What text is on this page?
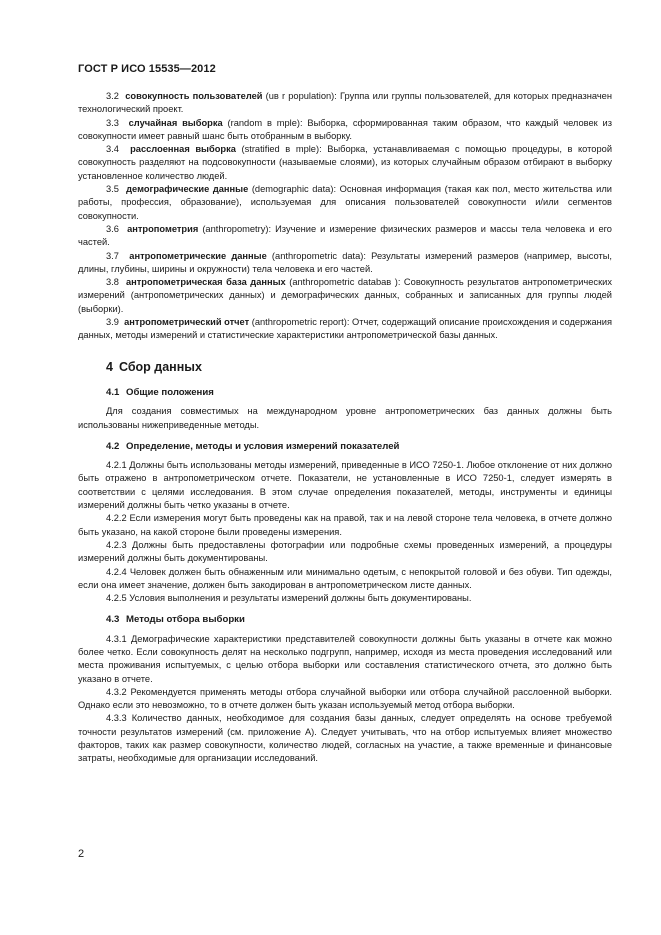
ГОСТ Р ИСО 15535—2012

3.2 совокупность пользователей (uв r population): Группа или группы пользователей, для которых предназначен технологический проект.

3.3 случайная выборка (random в mple): Выборка, сформированная таким образом, что каждый человек из совокупности имеет равный шанс быть отобранным в выборку.

3.4 расслоенная выборка (stratified в mple): Выборка, устанавливаемая с помощью процедуры, в которой совокупность разделяют на подсовокупности (называемые слоями), из которых случайным образом отбирают в выборку установленное количество людей.

3.5 демографические данные (demographic data): Основная информация (такая как пол, место жительства или работы, профессия, образование), используемая для описания пользователей совокупности и/или сегментов совокупности.

3.6 антропометрия (anthropometry): Изучение и измерение физических размеров и массы тела человека и его частей.

3.7 антропометрические данные (anthropometric data): Результаты измерений размеров (например, высоты, длины, глубины, ширины и окружности) тела человека и его частей.

3.8 антропометрическая база данных (anthropometric databaв ): Совокупность результатов антропометрических измерений (антропометрических данных) и демографических данных, собранных и записанных для группы людей (выборки).

3.9 антропометрический отчет (anthropometric report): Отчет, содержащий описание происхождения и содержания данных, методы измерений и статистические характеристики антропометрической базы данных.

4 Сбор данных
4.1 Общие положения

Для создания совместимых на международном уровне антропометрических баз данных должны быть использованы нижеприведенные методы.

4.2 Определение, методы и условия измерений показателей

4.2.1 Должны быть использованы методы измерений, приведенные в ИСО 7250-1. Любое отклонение от них должно быть отражено в антропометрическом отчете. Показатели, не установленные в ИСО 7250-1, следует измерять в соответствии с целями исследования. В этом случае определения показателей, методы, инструменты и единицы измерений должны быть четко указаны в отчете.

4.2.2 Если измерения могут быть проведены как на правой, так и на левой стороне тела человека, в отчете должно быть указано, на какой стороне были проведены измерения.

4.2.3 Должны быть предоставлены фотографии или подробные схемы проведенных измерений, а процедуры измерений должны быть документированы.

4.2.4 Человек должен быть обнаженным или минимально одетым, с непокрытой головой и без обуви. Тип одежды, если она имеет значение, должен быть закодирован в антропометрическом листе данных.

4.2.5 Условия выполнения и результаты измерений должны быть документированы.

4.3 Методы отбора выборки

4.3.1 Демографические характеристики представителей совокупности должны быть указаны в отчете как можно более четко. Если совокупность делят на несколько подгрупп, например, исходя из места проведения исследований или места проживания испытуемых, с целью отбора выборки или составления статистического отчета, это должно быть указано в отчете.

4.3.2 Рекомендуется применять методы отбора случайной выборки или отбора случайной расслоенной выборки. Однако если это невозможно, то в отчете должен быть указан используемый метод отбора выборки.

4.3.3 Количество данных, необходимое для создания базы данных, следует определять на основе требуемой точности результатов измерений (см. приложение А). Следует учитывать, что на отбор испытуемых влияет множество факторов, таких как размер совокупности, количество людей, согласных на участие, а также временные и финансовые затраты, необходимые для организации исследований.

2
